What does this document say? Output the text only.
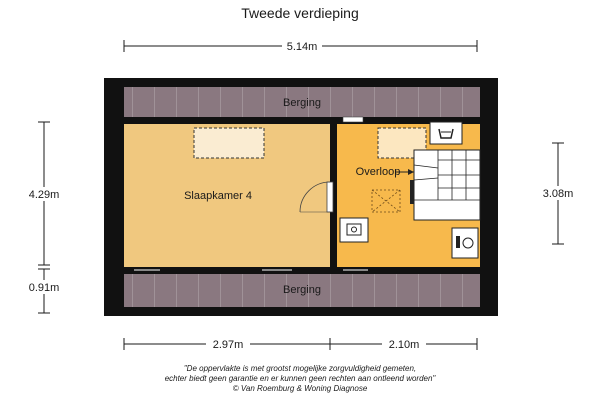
Tweede verdieping
5.14m
4.29m
0.91m
3.08m
2.97m	2.10m
Berging
Slaapkamer 4
Overloop
Berging
"De oppervlakte is met grootst mogelijke zorgvuldigheid gemeten,
echter biedt geen garantie en er kunnen geen rechten aan ontleend worden"
© Van Roemburg & Woning Diagnose
